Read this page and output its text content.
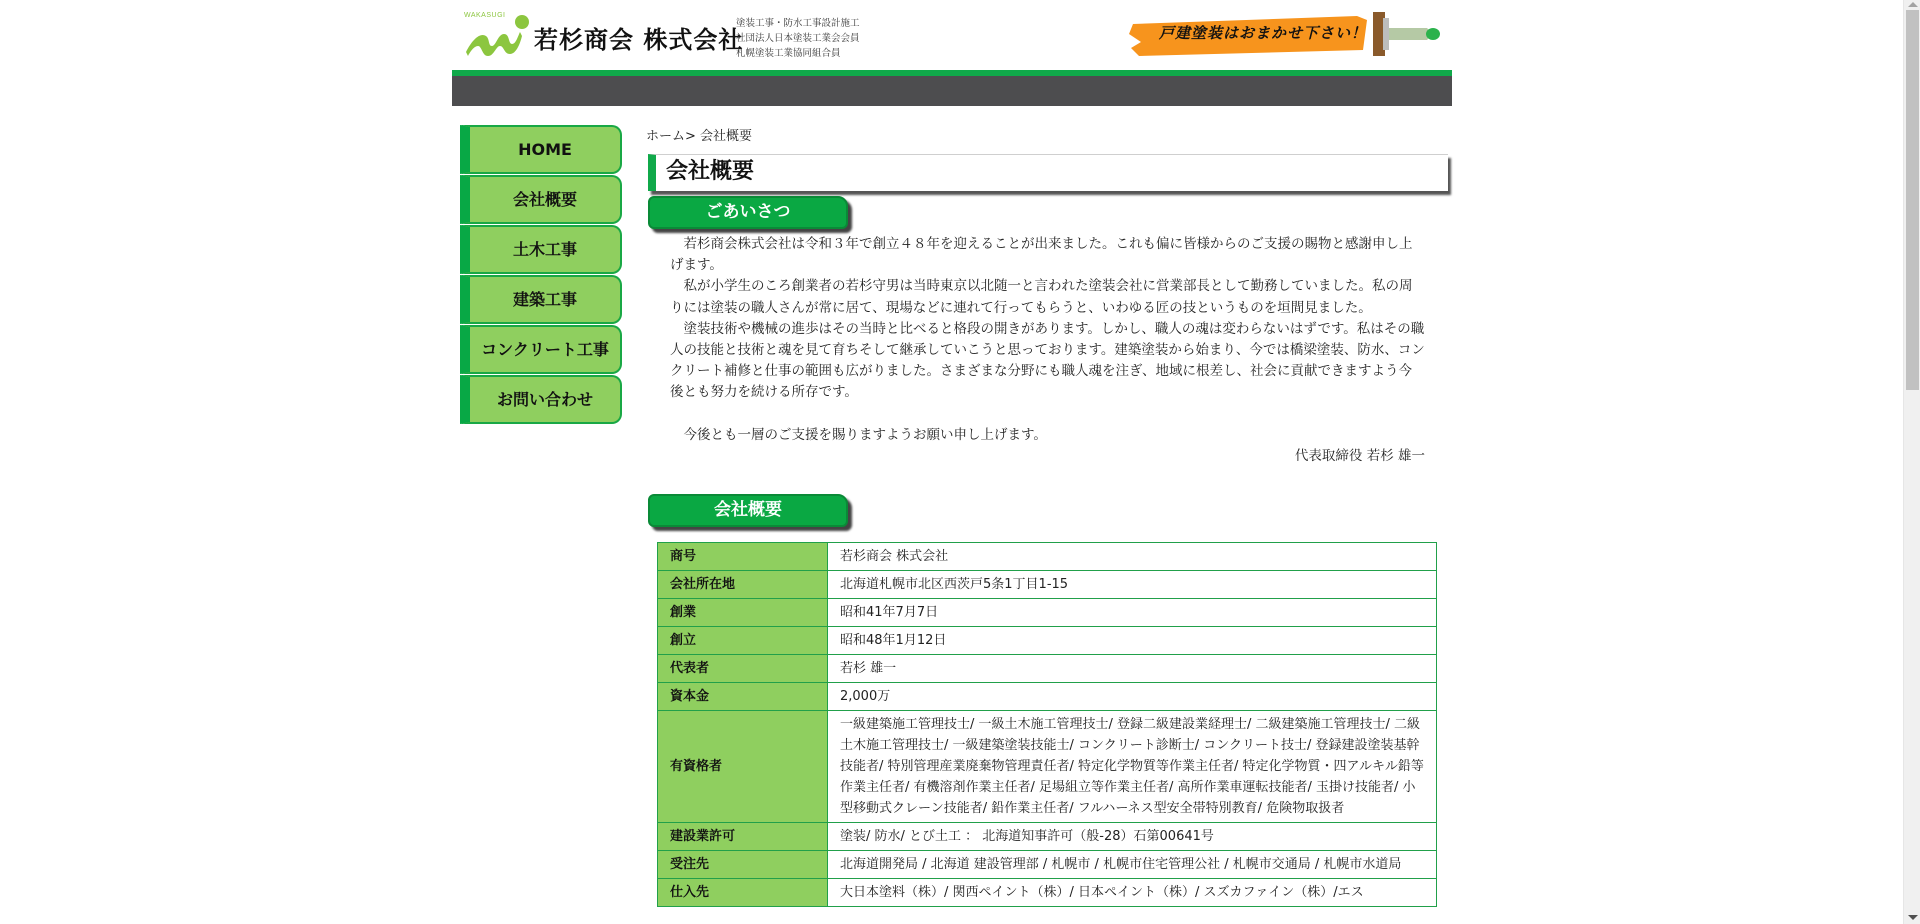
WAKASUGI
若杉商会 株式会社
塗装工事・防水工事設計施工
社団法人日本塗装工業会会員
札幌塗装工業協同組合員
戸建塗装はおまかせ下さい！
HOME
会社概要
土木工事
建築工事
コンクリート工事
お問い合わせ
ホーム> 会社概要
会社概要
ごあいさつ

若杉商会株式会社は令和３年で創立４８年を迎えることが出来ました。これも偏に皆様からのご支援の賜物と感謝申し上げます。

私が小学生のころ創業者の若杉守男は当時東京以北随一と言われた塗装会社に営業部長として勤務していました。私の周りには塗装の職人さんが常に居て、現場などに連れて行ってもらうと、いわゆる匠の技というものを垣間見ました。

塗装技術や機械の進歩はその当時と比べると格段の開きがあります。しかし、職人の魂は変わらないはずです。私はその職人の技能と技術と魂を見て育ちそして継承していこうと思っております。建築塗装から始まり、今では橋梁塗装、防水、コンクリート補修と仕事の範囲も広がりました。さまざまな分野にも職人魂を注ぎ、地域に根差し、社会に貢献できますよう今後とも努力を続ける所存です。

今後とも一層のご支援を賜りますようお願い申し上げます。

代表取締役 若杉 雄一

会社概要
商号	若杉商会 株式会社
会社所在地	北海道札幌市北区西茨戸5条1丁目1-15
創業	昭和41年7月7日
創立	昭和48年1月12日
代表者	若杉 雄一
資本金	2,000万
有資格者	一級建築施工管理技士/ 一級土木施工管理技士/ 登録二級建設業経理士/ 二級建築施工管理技士/ 二級土木施工管理技士/ 一級建築塗装技能士/ コンクリート診断士/ コンクリート技士/ 登録建設塗装基幹技能者/ 特別管理産業廃棄物管理責任者/ 特定化学物質等作業主任者/ 特定化学物質・四アルキル鉛等作業主任者/ 有機溶剤作業主任者/ 足場組立等作業主任者/ 高所作業車運転技能者/ 玉掛け技能者/ 小型移動式クレーン技能者/ 鉛作業主任者/ フルハーネス型安全帯特別教育/ 危険物取扱者
建設業許可	塗装/ 防水/ とび土工 ： 北海道知事許可（般-28）石第00641号
受注先	北海道開発局 / 北海道 建設管理部 / 札幌市 / 札幌市住宅管理公社 / 札幌市交通局 / 札幌市水道局
仕入先	大日本塗料（株）/ 関西ペイント（株）/ 日本ペイント（株）/ スズカファイン（株）/エス
